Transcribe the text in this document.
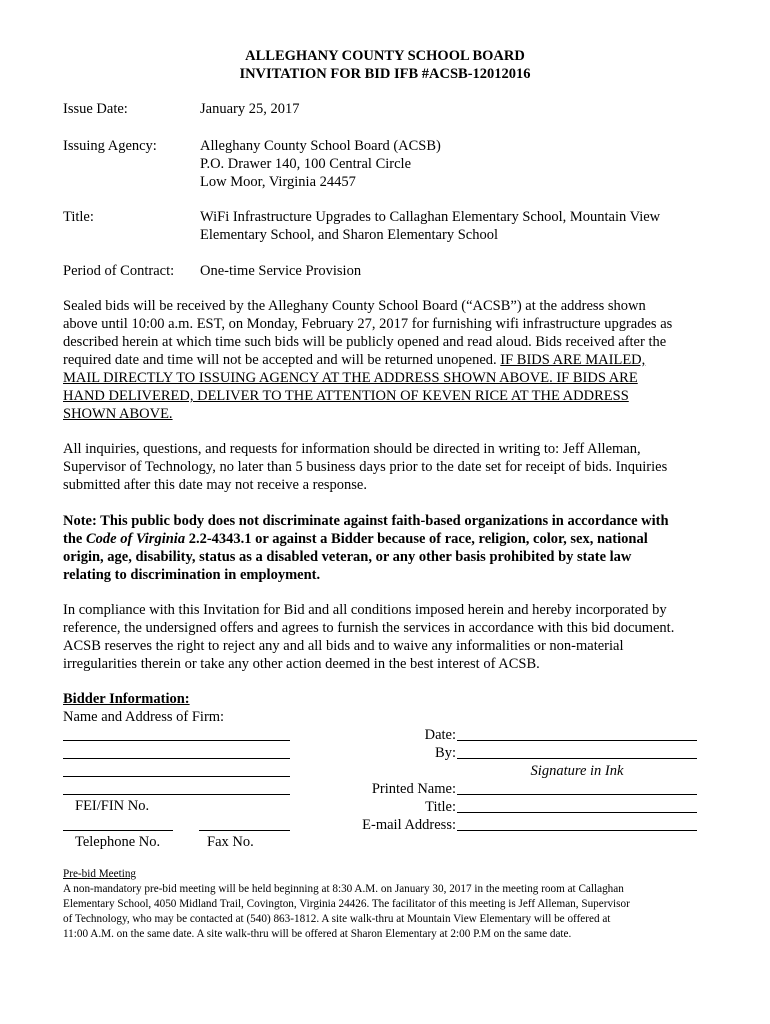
ALLEGHANY COUNTY SCHOOL BOARD
INVITATION FOR BID IFB #ACSB-12012016
Issue Date:	January 25, 2017
Issuing Agency:	Alleghany County School Board (ACSB)
P.O. Drawer 140, 100 Central Circle
Low Moor, Virginia 24457
Title:	WiFi Infrastructure Upgrades to Callaghan Elementary School, Mountain View
Elementary School, and Sharon Elementary School
Period of Contract: One-time Service Provision
Sealed bids will be received by the Alleghany County School Board (“ACSB”) at the address shown
above until 10:00 a.m. EST, on Monday, February 27, 2017 for furnishing wifi infrastructure upgrades as
described herein at which time such bids will be publicly opened and read aloud. Bids received after the
required date and time will not be accepted and will be returned unopened. IF BIDS ARE MAILED,
MAIL DIRECTLY TO ISSUING AGENCY AT THE ADDRESS SHOWN ABOVE. IF BIDS ARE
HAND DELIVERED, DELIVER TO THE ATTENTION OF KEVEN RICE AT THE ADDRESS
SHOWN ABOVE.
All inquiries, questions, and requests for information should be directed in writing to: Jeff Alleman,
Supervisor of Technology, no later than 5 business days prior to the date set for receipt of bids. Inquiries
submitted after this date may not receive a response.
Note: This public body does not discriminate against faith-based organizations in accordance with
the Code of Virginia 2.2-4343.1 or against a Bidder because of race, religion, color, sex, national
origin, age, disability, status as a disabled veteran, or any other basis prohibited by state law
relating to discrimination in employment.
In compliance with this Invitation for Bid and all conditions imposed herein and hereby incorporated by
reference, the undersigned offers and agrees to furnish the services in accordance with this bid document.
ACSB reserves the right to reject any and all bids and to waive any informalities or non-material
irregularities therein or take any other action deemed in the best interest of ACSB.
Bidder Information:
Name and Address of Firm:
FEI/FIN No.
Telephone No.	Fax No.
Date:
By:
Signature in Ink
Printed Name:
Title:
E-mail Address:
Pre-bid Meeting
A non-mandatory pre-bid meeting will be held beginning at 8:30 A.M. on January 30, 2017 in the meeting room at Callaghan
Elementary School, 4050 Midland Trail, Covington, Virginia 24426. The facilitator of this meeting is Jeff Alleman, Supervisor
of Technology, who may be contacted at (540) 863-1812. A site walk-thru at Mountain View Elementary will be offered at
11:00 A.M. on the same date. A site walk-thru will be offered at Sharon Elementary at 2:00 P.M on the same date.
